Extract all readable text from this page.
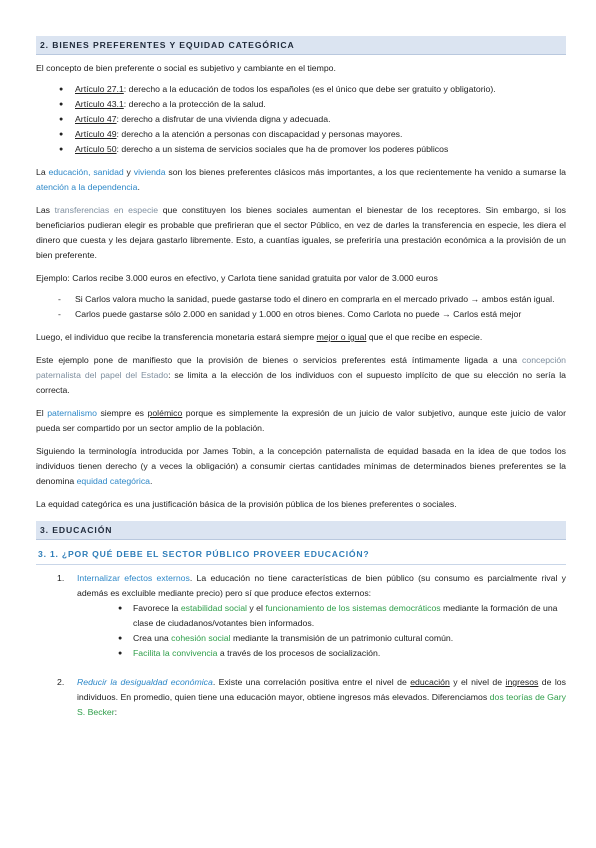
2. BIENES PREFERENTES Y EQUIDAD CATEGÓRICA

El concepto de bien preferente o social es subjetivo y cambiante en el tiempo.

● Artículo 27.1: derecho a la educación de todos los españoles (es el único que debe ser gratuito y obligatorio).
● Artículo 43.1: derecho a la protección de la salud.
● Artículo 47: derecho a disfrutar de una vivienda digna y adecuada.
● Artículo 49: derecho a la atención a personas con discapacidad y personas mayores.
● Artículo 50: derecho a un sistema de servicios sociales que ha de promover los poderes públicos

La educación, sanidad y vivienda son los bienes preferentes clásicos más importantes, a los que recientemente ha venido a sumarse la atención a la dependencia.

Las transferencias en especie que constituyen los bienes sociales aumentan el bienestar de los receptores. Sin embargo, si los beneficiarios pudieran elegir es probable que prefirieran que el sector Público, en vez de darles la transferencia en especie, les diera el dinero que cuesta y les dejara gastarlo libremente. Esto, a cuantías iguales, se preferiría una prestación económica a la provisión de un bien preferente.

Ejemplo: Carlos recibe 3.000 euros en efectivo, y Carlota tiene sanidad gratuita por valor de 3.000 euros

- Si Carlos valora mucho la sanidad, puede gastarse todo el dinero en comprarla en el mercado privado → ambos están igual.
- Carlos puede gastarse sólo 2.000 en sanidad y 1.000 en otros bienes. Como Carlota no puede → Carlos está mejor

Luego, el individuo que recibe la transferencia monetaria estará siempre mejor o igual que el que recibe en especie.

Este ejemplo pone de manifiesto que la provisión de bienes o servicios preferentes está íntimamente ligada a una concepción paternalista del papel del Estado: se limita a la elección de los individuos con el supuesto implícito de que su elección no sería la correcta.

El paternalismo siempre es polémico porque es simplemente la expresión de un juicio de valor subjetivo, aunque este juicio de valor pueda ser compartido por un sector amplio de la población.

Siguiendo la terminología introducida por James Tobin, a la concepción paternalista de equidad basada en la idea de que todos los individuos tienen derecho (y a veces la obligación) a consumir ciertas cantidades mínimas de determinados bienes preferentes se la denomina equidad categórica.

La equidad categórica es una justificación básica de la provisión pública de los bienes preferentes o sociales.

3. EDUCACIÓN
3. 1. ¿POR QUÉ DEBE EL SECTOR PÚBLICO PROVEER EDUCACIÓN?
1. Internalizar efectos externos. La educación no tiene características de bien público (su consumo es parcialmente rival y además es excluible mediante precio) pero sí que produce efectos externos:

● Favorece la estabilidad social y el funcionamiento de los sistemas democráticos mediante la formación de una clase de ciudadanos/votantes bien informados.
● Crea una cohesión social mediante la transmisión de un patrimonio cultural común.
● Facilita la convivencia a través de los procesos de socialización.
2. Reducir la desigualdad económica. Existe una correlación positiva entre el nivel de educación y el nivel de ingresos de los individuos. En promedio, quien tiene una educación mayor, obtiene ingresos más elevados. Diferenciamos dos teorías de Gary S. Becker:
